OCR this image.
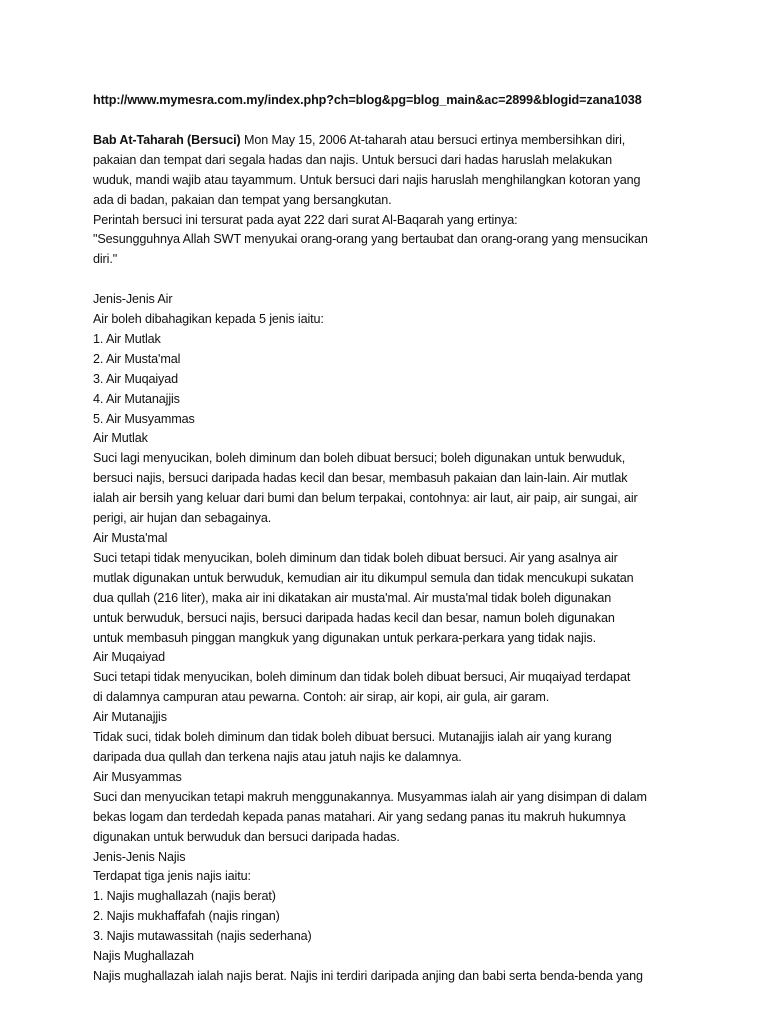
http://www.mymesra.com.my/index.php?ch=blog&pg=blog_main&ac=2899&blogid=zana1038
Bab At-Taharah (Bersuci) Mon May 15, 2006 At-taharah atau bersuci ertinya membersihkan diri,
pakaian dan tempat dari segala hadas dan najis. Untuk bersuci dari hadas haruslah melakukan
wuduk, mandi wajib atau tayammum. Untuk bersuci dari najis haruslah menghilangkan kotoran yang
ada di badan, pakaian dan tempat yang bersangkutan.
Perintah bersuci ini tersurat pada ayat 222 dari surat Al-Baqarah yang ertinya:
"Sesungguhnya Allah SWT menyukai orang-orang yang bertaubat dan orang-orang yang mensucikan
diri."
Jenis-Jenis Air
Air boleh dibahagikan kepada 5 jenis iaitu:
1. Air Mutlak
2. Air Musta'mal
3. Air Muqaiyad
4. Air Mutanajjis
5. Air Musyammas
Air Mutlak
Suci lagi menyucikan, boleh diminum dan boleh dibuat bersuci; boleh digunakan untuk berwuduk,
bersuci najis, bersuci daripada hadas kecil dan besar, membasuh pakaian dan lain-lain. Air mutlak
ialah air bersih yang keluar dari bumi dan belum terpakai, contohnya: air laut, air paip, air sungai, air
perigi, air hujan dan sebagainya.
Air Musta'mal
Suci tetapi tidak menyucikan, boleh diminum dan tidak boleh dibuat bersuci. Air yang asalnya air
mutlak digunakan untuk berwuduk, kemudian air itu dikumpul semula dan tidak mencukupi sukatan
dua qullah (216 liter), maka air ini dikatakan air musta'mal. Air musta'mal tidak boleh digunakan
untuk berwuduk, bersuci najis, bersuci daripada hadas kecil dan besar, namun boleh digunakan
untuk membasuh pinggan mangkuk yang digunakan untuk perkara-perkara yang tidak najis.
Air Muqaiyad
Suci tetapi tidak menyucikan, boleh diminum dan tidak boleh dibuat bersuci, Air muqaiyad terdapat
di dalamnya campuran atau pewarna. Contoh: air sirap, air kopi, air gula, air garam.
Air Mutanajjis
Tidak suci, tidak boleh diminum dan tidak boleh dibuat bersuci. Mutanajjis ialah air yang kurang
daripada dua qullah dan terkena najis atau jatuh najis ke dalamnya.
Air Musyammas
Suci dan menyucikan tetapi makruh menggunakannya. Musyammas ialah air yang disimpan di dalam
bekas logam dan terdedah kepada panas matahari. Air yang sedang panas itu makruh hukumnya
digunakan untuk berwuduk dan bersuci daripada hadas.
Jenis-Jenis Najis
Terdapat tiga jenis najis iaitu:
1. Najis mughallazah (najis berat)
2. Najis mukhaffafah (najis ringan)
3. Najis mutawassitah (najis sederhana)
Najis Mughallazah
Najis mughallazah ialah najis berat. Najis ini terdiri daripada anjing dan babi serta benda-benda yang
